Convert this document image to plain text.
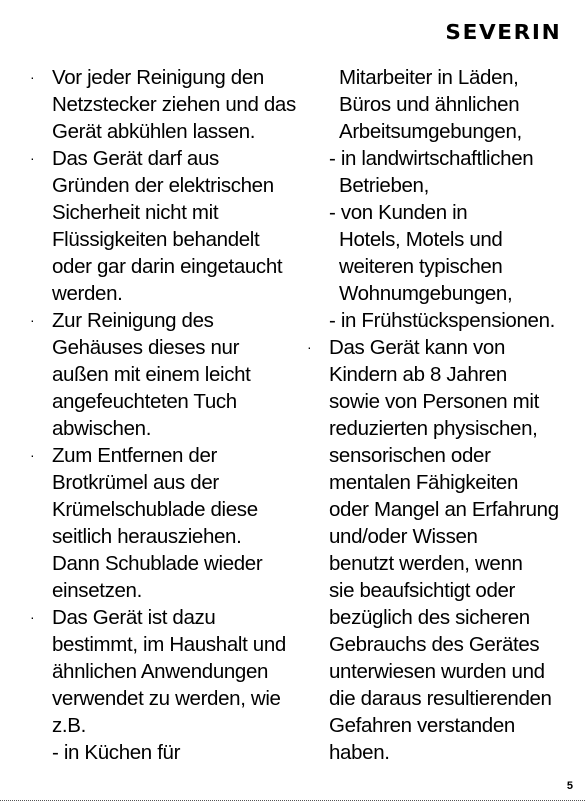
SEVERIN
· Vor jeder Reinigung den
Netzstecker ziehen und das
Gerät abkühlen lassen.
· Das Gerät darf aus
Gründen der elektrischen
Sicherheit nicht mit
Flüssigkeiten behandelt
oder gar darin eingetaucht
werden.
· Zur Reinigung des
Gehäuses dieses nur
außen mit einem leicht
angefeuchteten Tuch
abwischen.
· Zum Entfernen der
Brotkrümel aus der
Krümelschublade diese
seitlich herausziehen.
Dann Schublade wieder
einsetzen.
· Das Gerät ist dazu
bestimmt, im Haushalt und
ähnlichen Anwendungen
verwendet zu werden, wie
z.B.
- in Küchen für
Mitarbeiter in Läden,
Büros und ähnlichen
Arbeitsumgebungen,
- in landwirtschaftlichen
Betrieben,
- von Kunden in
Hotels, Motels und
weiteren typischen
Wohnumgebungen,
- in Frühstückspensionen.
· Das Gerät kann von
Kindern ab 8 Jahren
sowie von Personen mit
reduzierten physischen,
sensorischen oder
mentalen Fähigkeiten
oder Mangel an Erfahrung
und/oder Wissen
benutzt werden, wenn
sie beaufsichtigt oder
bezüglich des sicheren
Gebrauchs des Gerätes
unterwiesen wurden und
die daraus resultierenden
Gefahren verstanden
haben.
5
